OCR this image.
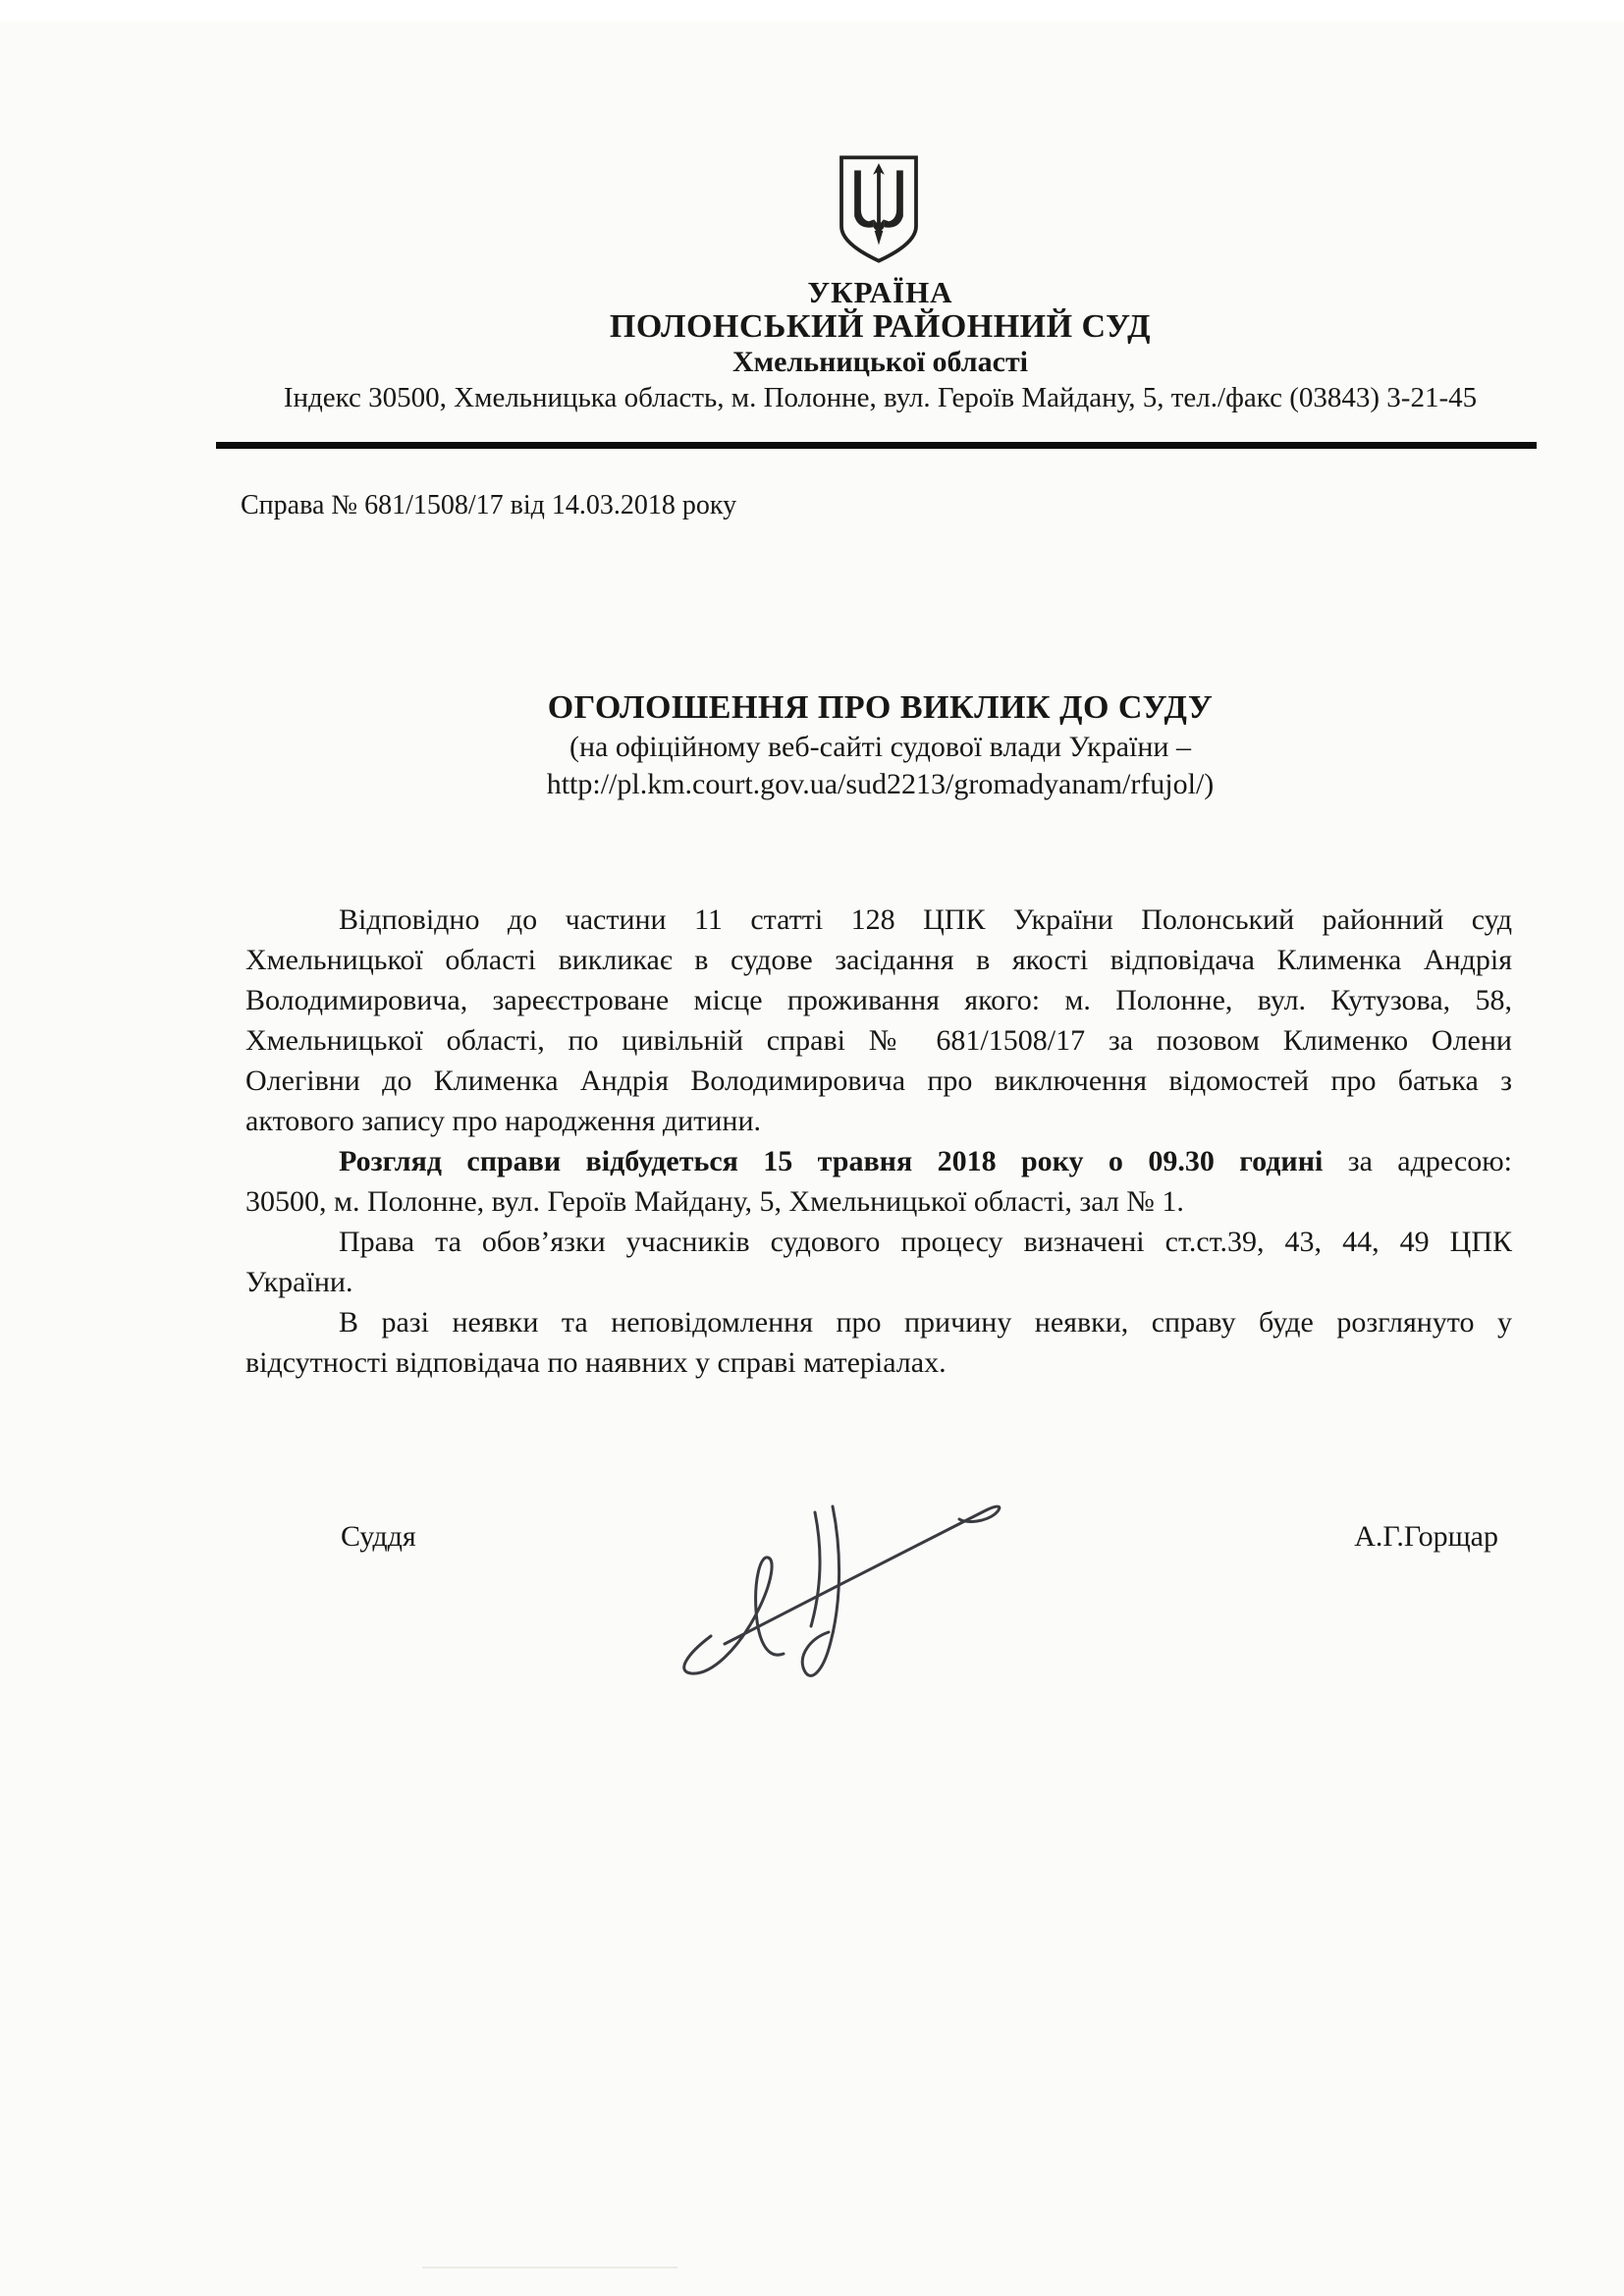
УКРАЇНА
ПОЛОНСЬКИЙ РАЙОННИЙ СУД
Хмельницької області
Індекс 30500, Хмельницька область, м. Полонне, вул. Героїв Майдану, 5, тел./факс (03843) 3-21-45
Справа № 681/1508/17 від 14.03.2018 року
ОГОЛОШЕННЯ ПРО ВИКЛИК ДО СУДУ
(на офіційному веб-сайті судової влади України –
http://pl.km.court.gov.ua/sud2213/gromadyanam/rfujol/)
Відповідно до частини 11 статті 128 ЦПК України Полонський районний суд
Хмельницької області викликає в судове засідання в якості відповідача Клименка Андрія
Володимировича, зареєстроване місце проживання якого: м. Полонне, вул. Кутузова, 58,
Хмельницької області, по цивільній справі № 681/1508/17 за позовом Клименко Олени
Олегівни до Клименка Андрія Володимировича про виключення відомостей про батька з
актового запису про народження дитини.
Розгляд справи відбудеться 15 травня 2018 року о 09.30 годині за адресою:
30500, м. Полонне, вул. Героїв Майдану, 5, Хмельницької області, зал № 1.
Права та обов’язки учасників судового процесу визначені ст.ст.39, 43, 44, 49 ЦПК
України.
В разі неявки та неповідомлення про причину неявки, справу буде розглянуто у
відсутності відповідача по наявних у справі матеріалах.
Суддя	А.Г.Горщар
